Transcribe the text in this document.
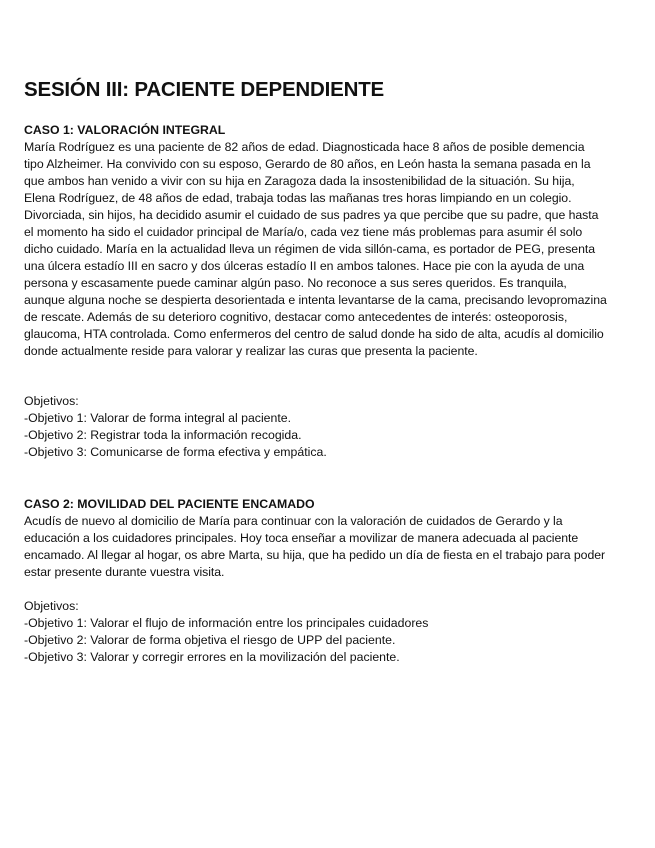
SESIÓN III: PACIENTE DEPENDIENTE
CASO 1: VALORACIÓN INTEGRAL

María Rodríguez es una paciente de 82 años de edad. Diagnosticada hace 8 años de posible demencia
tipo Alzheimer. Ha convivido con su esposo, Gerardo de 80 años, en León hasta la semana pasada en la
que ambos han venido a vivir con su hija en Zaragoza dada la insostenibilidad de la situación. Su hija,
Elena Rodríguez, de 48 años de edad, trabaja todas las mañanas tres horas limpiando en un colegio.
Divorciada, sin hijos, ha decidido asumir el cuidado de sus padres ya que percibe que su padre, que hasta
el momento ha sido el cuidador principal de María/o, cada vez tiene más problemas para asumir él solo
dicho cuidado. María en la actualidad lleva un régimen de vida sillón-cama, es portador de PEG, presenta
una úlcera estadío III en sacro y dos úlceras estadío II en ambos talones. Hace pie con la ayuda de una
persona y escasamente puede caminar algún paso. No reconoce a sus seres queridos. Es tranquila,
aunque alguna noche se despierta desorientada e intenta levantarse de la cama, precisando levopromazina
de rescate. Además de su deterioro cognitivo, destacar como antecedentes de interés: osteoporosis,
glaucoma, HTA controlada. Como enfermeros del centro de salud donde ha sido de alta, acudís al domicilio
donde actualmente reside para valorar y realizar las curas que presenta la paciente.

Objetivos:
-Objetivo 1: Valorar de forma integral al paciente.
-Objetivo 2: Registrar toda la información recogida.
-Objetivo 3: Comunicarse de forma efectiva y empática.

CASO 2: MOVILIDAD DEL PACIENTE ENCAMADO

Acudís de nuevo al domicilio de María para continuar con la valoración de cuidados de Gerardo y la
educación a los cuidadores principales. Hoy toca enseñar a movilizar de manera adecuada al paciente
encamado. Al llegar al hogar, os abre Marta, su hija, que ha pedido un día de fiesta en el trabajo para poder
estar presente durante vuestra visita.

Objetivos:
-Objetivo 1: Valorar el flujo de información entre los principales cuidadores
-Objetivo 2: Valorar de forma objetiva el riesgo de UPP del paciente.
-Objetivo 3: Valorar y corregir errores en la movilización del paciente.
